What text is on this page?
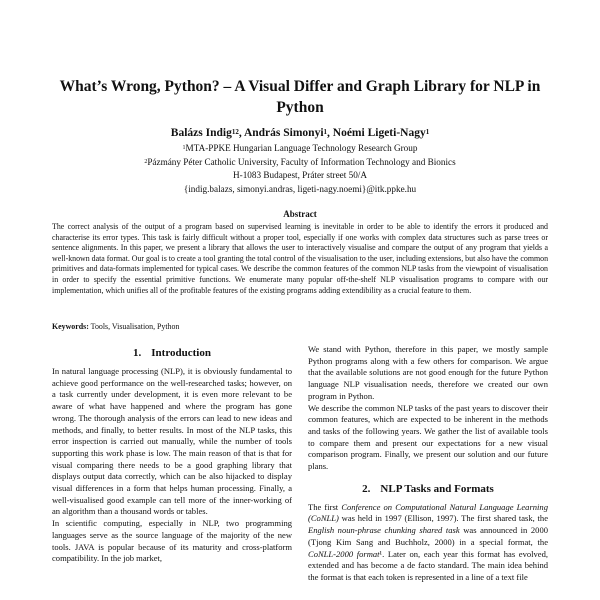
What’s Wrong, Python? – A Visual Differ and Graph Library for NLP in Python
Balázs Indig$^{12}$, András Simonyi$^1$, Noémi Ligeti-Nagy$^1$
$^1$MTA-PPKE Hungarian Language Technology Research Group
$^2$Pázmány Péter Catholic University, Faculty of Information Technology and Bionics
H-1083 Budapest, Práter street 50/A
{indig.balazs, simonyi.andras, ligeti-nagy.noemi}@itk.ppke.hu
Abstract
The correct analysis of the output of a program based on supervised learning is inevitable in order to be able to identify the errors it produced and characterise its error types. This task is fairly difficult without a proper tool, especially if one works with complex data structures such as parse trees or sentence alignments. In this paper, we present a library that allows the user to interactively visualise and compare the output of any program that yields a well-known data format. Our goal is to create a tool granting the total control of the visualisation to the user, including extensions, but also have the common primitives and data-formats implemented for typical cases. We describe the common features of the common NLP tasks from the viewpoint of visualisation in order to specify the essential primitive functions. We enumerate many popular off-the-shelf NLP visualisation programs to compare with our implementation, which unifies all of the profitable features of the existing programs adding extendibility as a crucial feature to them.
Keywords: Tools, Visualisation, Python
1. Introduction

In natural language processing (NLP), it is obviously fundamental to achieve good performance on the well-researched tasks; however, on a task currently under development, it is even more relevant to be aware of what have happened and where the program has gone wrong. The thorough analysis of the errors can lead to new ideas and methods, and finally, to better results. In most of the NLP tasks, this error inspection is carried out manually, while the number of tools supporting this work phase is low. The main reason of that is that for visual comparing there needs to be a good graphing library that displays output data correctly, which can be also hijacked to display visual differences in a form that helps human processing. Finally, a well-visualised good example can tell more of the inner-working of an algorithm than a thousand words or tables.

In scientific computing, especially in NLP, two programming languages serve as the source language of the majority of the new tools. JAVA is popular because of its maturity and cross-platform compatibility. In the job market,

We stand with Python, therefore in this paper, we mostly sample Python programs along with a few others for comparison. We argue that the available solutions are not good enough for the future Python language NLP visualisation needs, therefore we created our own program in Python.

We describe the common NLP tasks of the past years to discover their common features, which are expected to be inherent in the methods and tasks of the following years. We gather the list of available tools to compare them and present our expectations for a new visual comparison program. Finally, we present our solution and our future plans.

2. NLP Tasks and Formats

The first Conference on Computational Natural Language Learning (CoNLL) was held in 1997 (Ellison, 1997). The first shared task, the English noun-phrase chunking shared task was announced in 2000 (Tjong Kim Sang and Buchholz, 2000) in a special format, the CoNLL-2000 format¹. Later on, each year this format has evolved, extended and has become a de facto standard. The main idea behind the format is that each token is represented in a line of a text file
